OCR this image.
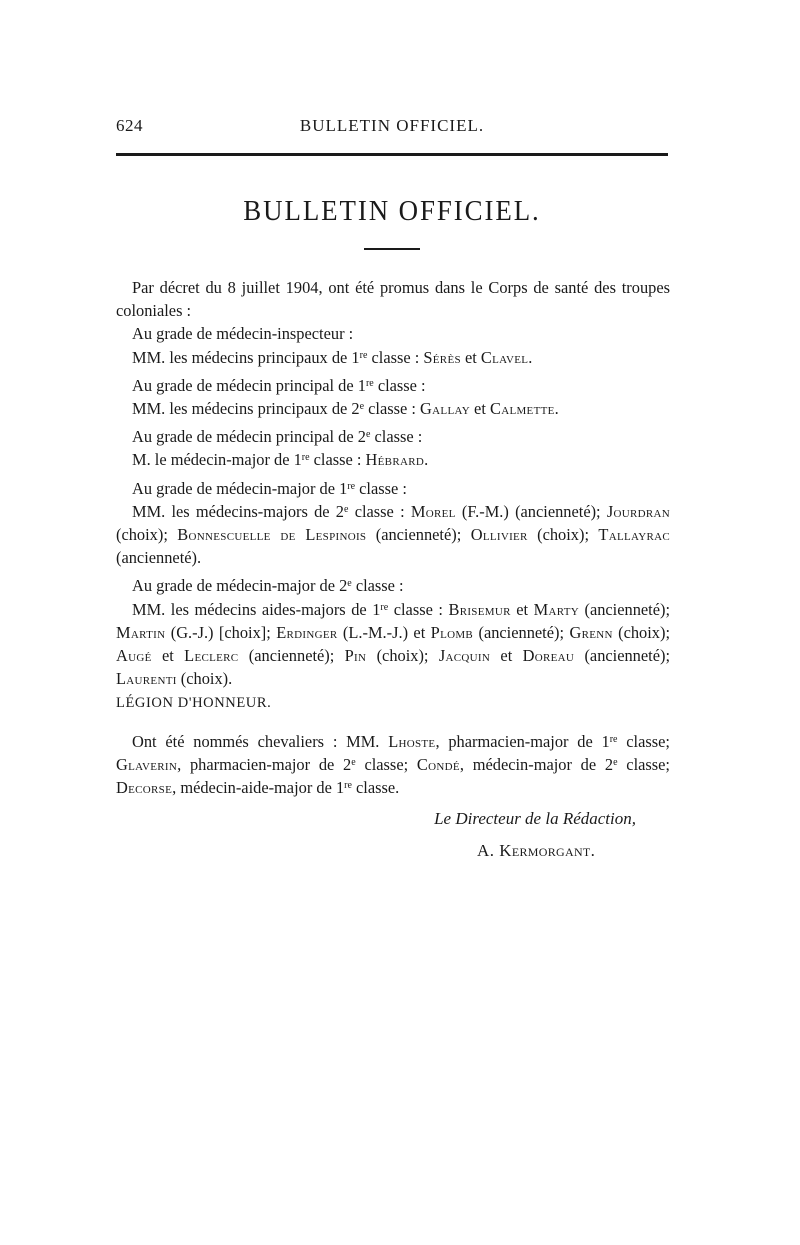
624	BULLETIN OFFICIEL.
BULLETIN OFFICIEL.

Par décret du 8 juillet 1904, ont été promus dans le Corps de santé des troupes coloniales :

Au grade de médecin-inspecteur :

MM. les médecins principaux de 1re classe : Sérès et Clavel.

Au grade de médecin principal de 1re classe :

MM. les médecins principaux de 2e classe : Gallay et Calmette.

Au grade de médecin principal de 2e classe :

M. le médecin-major de 1re classe : Hébrard.

Au grade de médecin-major de 1re classe :

MM. les médecins-majors de 2e classe : Morel (F.-M.) (ancienneté); Jourdran (choix); Bonnescuelle de Lespinois (ancienneté); Ollivier (choix); Tallayrac (ancienneté).

Au grade de médecin-major de 2e classe :

MM. les médecins aides-majors de 1re classe : Brisemur et Marty (ancienneté); Martin (G.-J.) [choix]; Erdinger (L.-M.-J.) et Plomb (ancienneté); Grenn (choix); Augé et Leclerc (ancienneté); Pin (choix); Jacquin et Doreau (ancienneté); Laurenti (choix).

LÉGION D'HONNEUR.

Ont été nommés chevaliers : MM. Lhoste, pharmacien-major de 1re classe; Glaverin, pharmacien-major de 2e classe; Condé, médecin-major de 2e classe; Decorse, médecin-aide-major de 1re classe.

Le Directeur de la Rédaction,

A. Kermorgant.
